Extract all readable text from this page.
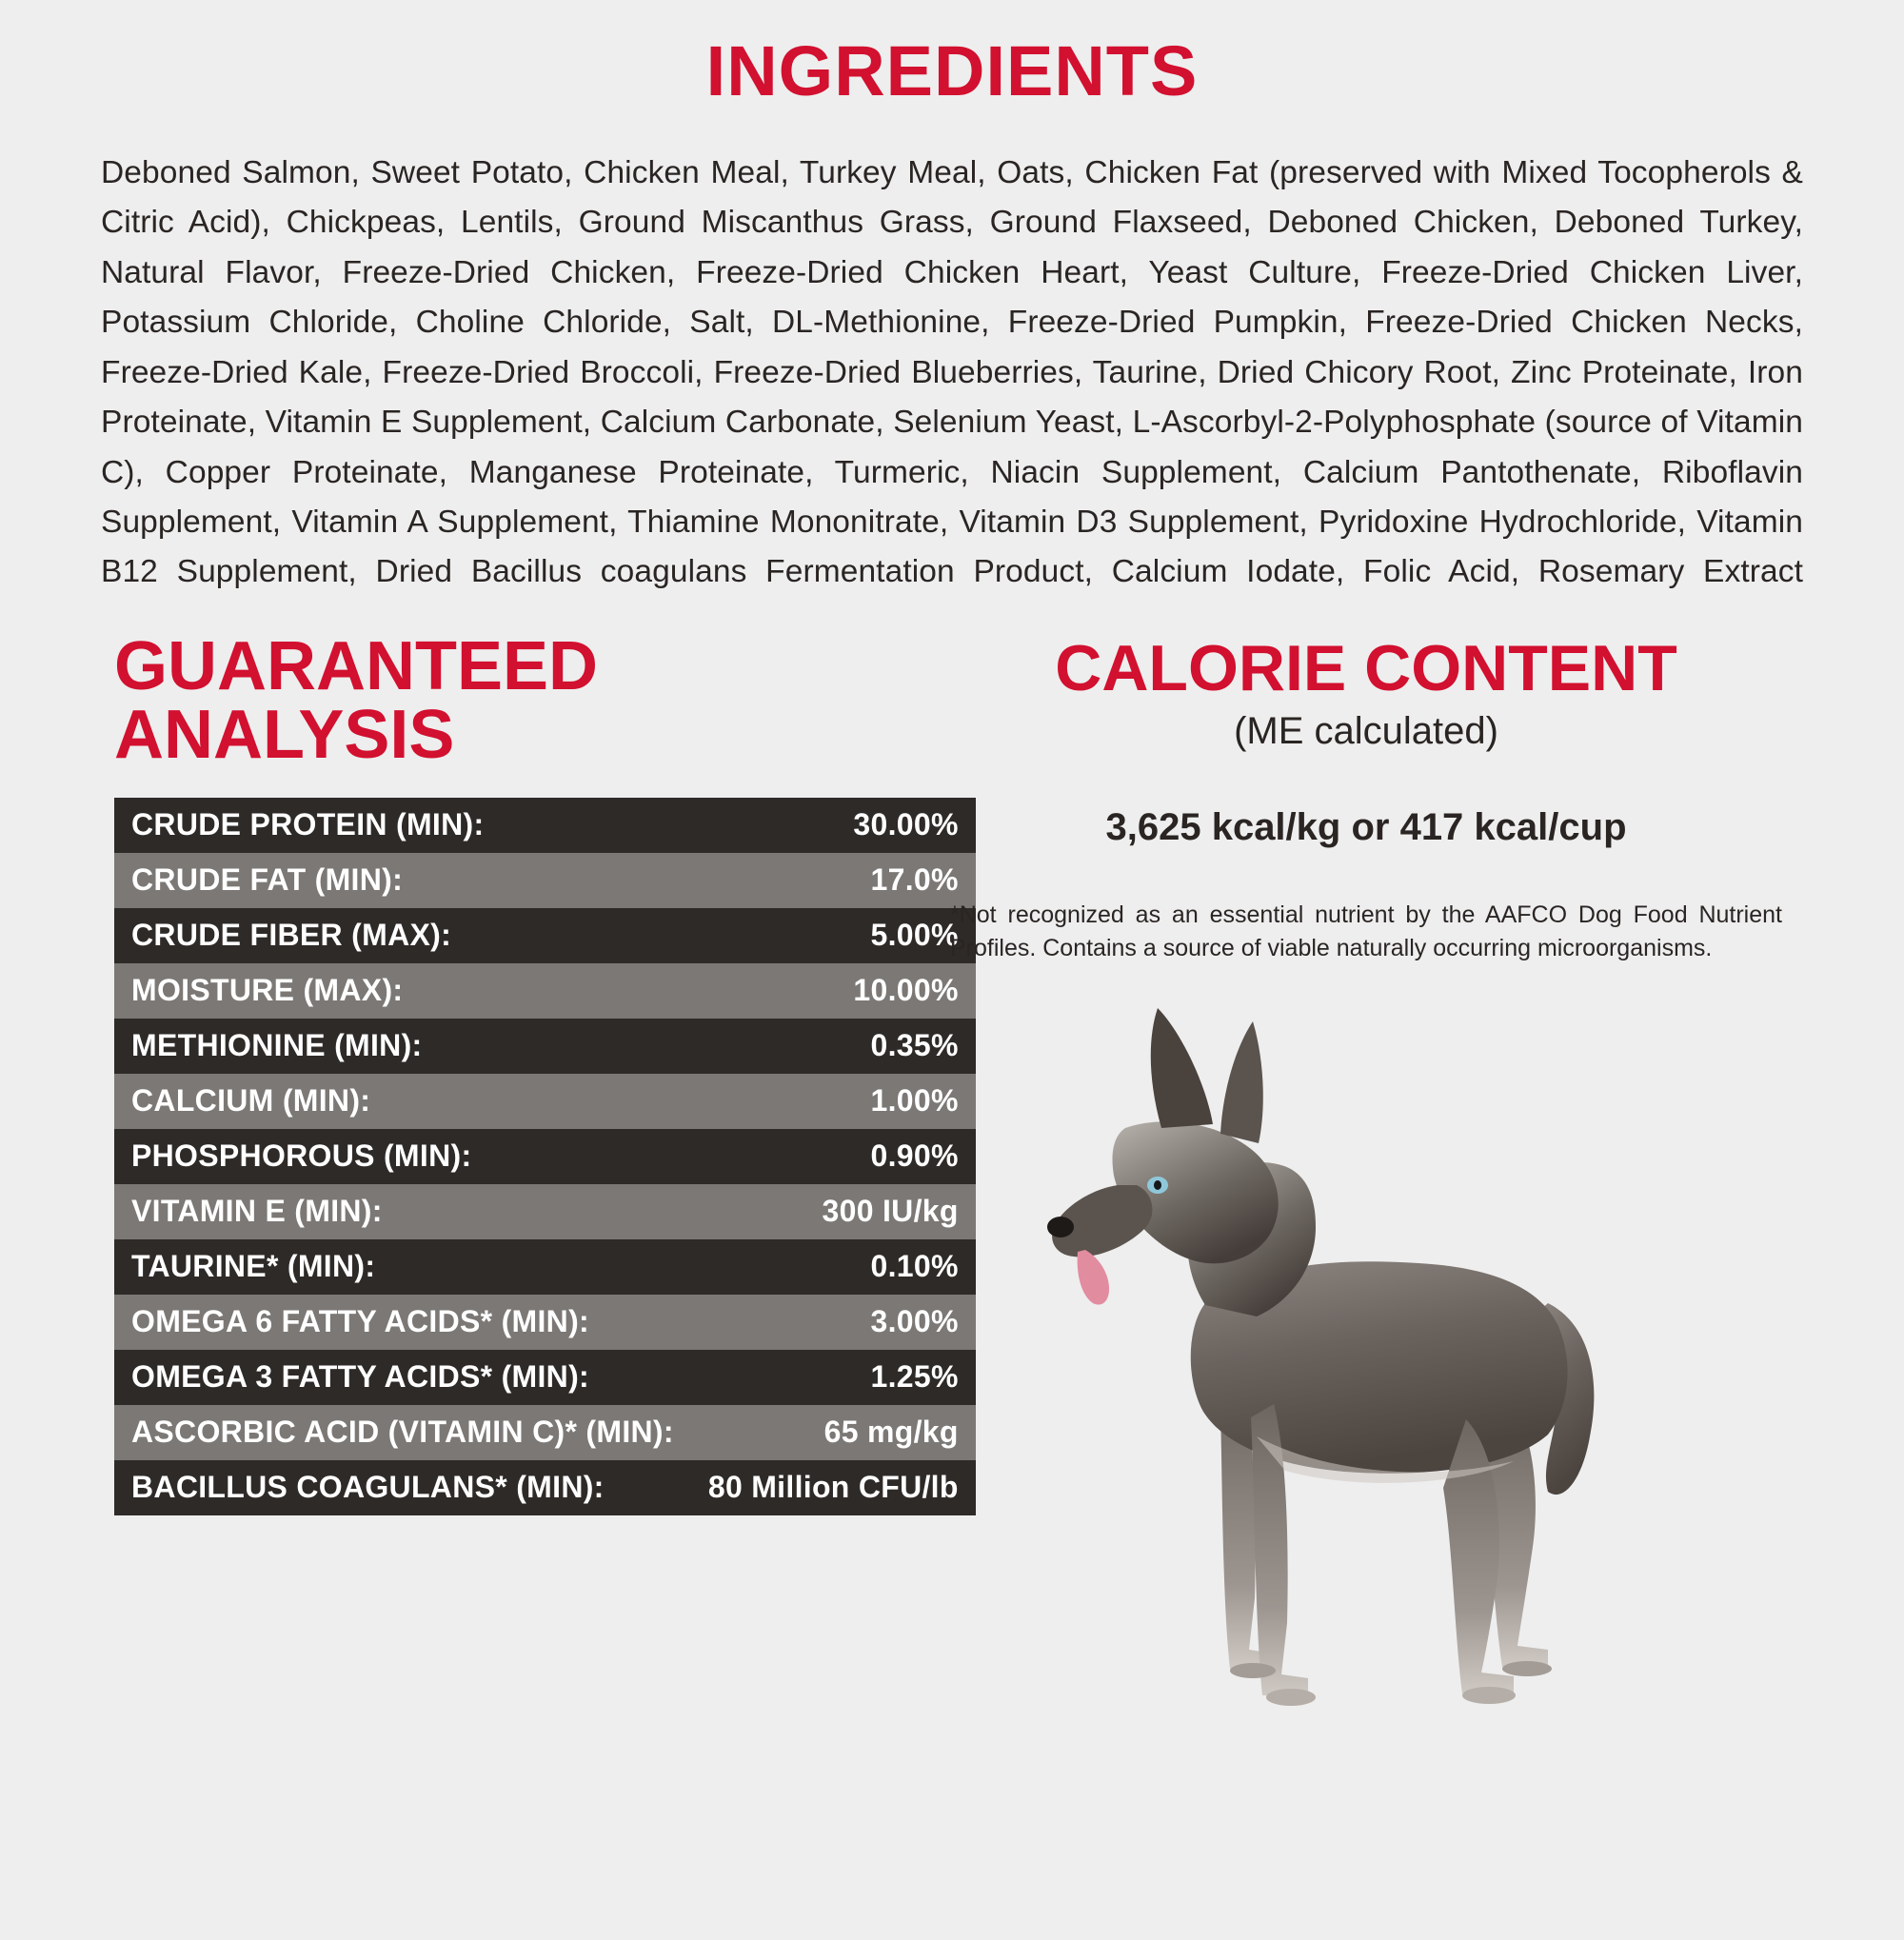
INGREDIENTS
Deboned Salmon, Sweet Potato, Chicken Meal, Turkey Meal, Oats, Chicken Fat (preserved with Mixed Tocopherols & Citric Acid), Chickpeas, Lentils, Ground Miscanthus Grass, Ground Flaxseed, Deboned Chicken, Deboned Turkey, Natural Flavor, Freeze-Dried Chicken, Freeze-Dried Chicken Heart, Yeast Culture, Freeze-Dried Chicken Liver, Potassium Chloride, Choline Chloride, Salt, DL-Methionine, Freeze-Dried Pumpkin, Freeze-Dried Chicken Necks, Freeze-Dried Kale, Freeze-Dried Broccoli, Freeze-Dried Blueberries, Taurine, Dried Chicory Root, Zinc Proteinate, Iron Proteinate, Vitamin E Supplement, Calcium Carbonate, Selenium Yeast, L-Ascorbyl-2-Polyphosphate (source of Vitamin C), Copper Proteinate, Manganese Proteinate, Turmeric, Niacin Supplement, Calcium Pantothenate, Riboflavin Supplement, Vitamin A Supplement, Thiamine Mononitrate, Vitamin D3 Supplement, Pyridoxine Hydrochloride, Vitamin B12 Supplement, Dried Bacillus coagulans Fermentation Product, Calcium Iodate, Folic Acid, Rosemary Extract
GUARANTEED ANALYSIS
CRUDE PROTEIN (MIN):	30.00%
CRUDE FAT (MIN):	17.0%
CRUDE FIBER (MAX):	5.00%
MOISTURE (MAX):	10.00%
METHIONINE (MIN):	0.35%
CALCIUM (MIN):	1.00%
PHOSPHOROUS (MIN):	0.90%
VITAMIN E (MIN):	300 IU/kg
TAURINE* (MIN):	0.10%
OMEGA 6 FATTY ACIDS* (MIN):	3.00%
OMEGA 3 FATTY ACIDS* (MIN):	1.25%
ASCORBIC ACID (VITAMIN C)* (MIN):	65 mg/kg
BACILLUS COAGULANS* (MIN):	80 Million CFU/lb
CALORIE CONTENT
(ME calculated)
3,625 kcal/kg or 417 kcal/cup
*Not recognized as an essential nutrient by the AAFCO Dog Food Nutrient Profiles. Contains a source of viable naturally occurring microorganisms.
